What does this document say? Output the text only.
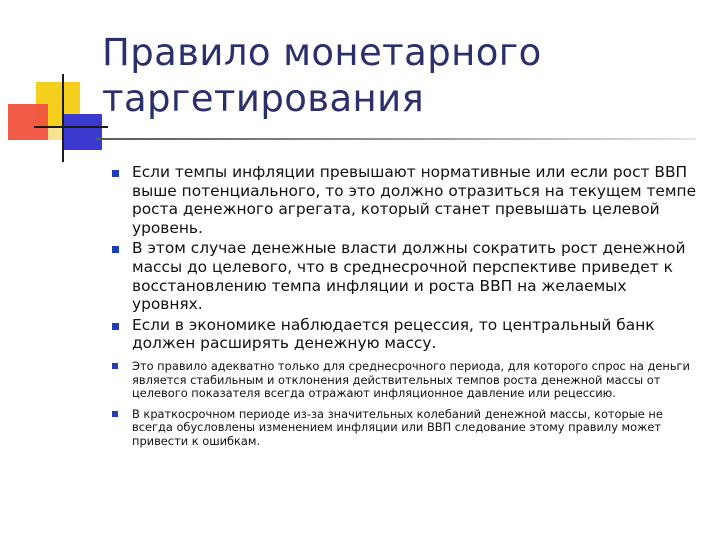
Правило монетарного
таргетирования
Если темпы инфляции превышают нормативные или если рост ВВП выше потенциального, то это должно отразиться на текущем темпе роста денежного агрегата, который станет превышать целевой уровень.
В этом случае денежные власти должны сократить рост денежной массы до целевого, что в среднесрочной перспективе приведет к восстановлению темпа инфляции и роста ВВП на желаемых уровнях.
Если в экономике наблюдается рецессия, то центральный банк должен расширять денежную массу.
Это правило адекватно только для среднесрочного периода, для которого спрос на деньги является стабильным и отклонения действительных темпов роста денежной массы от целевого показателя всегда отражают инфляционное давление или рецессию.
В краткосрочном периоде из-за значительных колебаний денежной массы, которые не всегда обусловлены изменением инфляции или ВВП следование этому правилу может привести к ошибкам.
